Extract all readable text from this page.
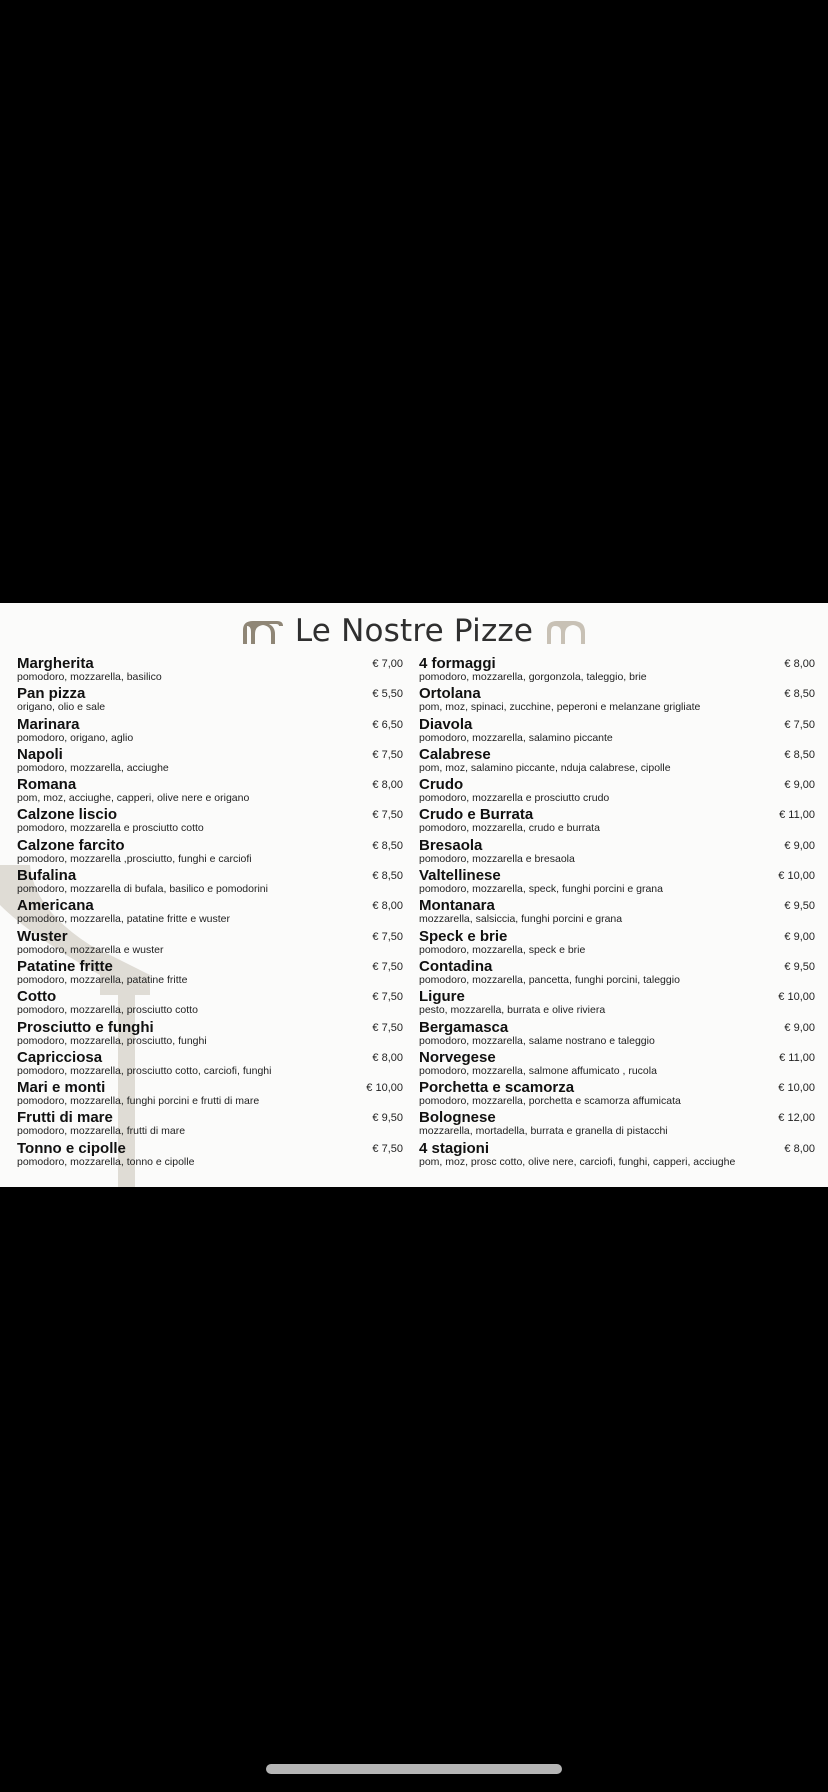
Le Nostre Pizze
Margherita	€ 7,00
pomodoro, mozzarella, basilico
Pan pizza	€ 5,50
origano, olio e sale
Marinara	€ 6,50
pomodoro, origano, aglio
Napoli	€ 7,50
pomodoro, mozzarella, acciughe
Romana	€ 8,00
pom, moz, acciughe, capperi, olive nere e origano
Calzone liscio	€ 7,50
pomodoro, mozzarella e prosciutto cotto
Calzone farcito	€ 8,50
pomodoro, mozzarella ,prosciutto, funghi e carciofi
Bufalina	€ 8,50
pomodoro, mozzarella di bufala, basilico e pomodorini
Americana	€ 8,00
pomodoro, mozzarella, patatine fritte e wuster
Wuster	€ 7,50
pomodoro, mozzarella e wuster
Patatine fritte	€ 7,50
pomodoro, mozzarella, patatine fritte
Cotto	€ 7,50
pomodoro, mozzarella, prosciutto cotto
Prosciutto e funghi	€ 7,50
pomodoro, mozzarella, prosciutto, funghi
Capricciosa	€ 8,00
pomodoro, mozzarella, prosciutto cotto, carciofi, funghi
Mari e monti	€ 10,00
pomodoro, mozzarella, funghi porcini e frutti di mare
Frutti di mare	€ 9,50
pomodoro, mozzarella, frutti di mare
Tonno e cipolle	€ 7,50
pomodoro, mozzarella, tonno e cipolle
4 formaggi	€ 8,00
pomodoro, mozzarella, gorgonzola, taleggio, brie
Ortolana	€ 8,50
pom, moz, spinaci, zucchine, peperoni e melanzane grigliate
Diavola	€ 7,50
pomodoro, mozzarella, salamino piccante
Calabrese	€ 8,50
pom, moz, salamino piccante, nduja calabrese, cipolle
Crudo	€ 9,00
pomodoro, mozzarella e prosciutto crudo
Crudo e Burrata	€ 11,00
pomodoro, mozzarella, crudo e burrata
Bresaola	€ 9,00
pomodoro, mozzarella e bresaola
Valtellinese	€ 10,00
pomodoro, mozzarella, speck, funghi porcini e grana
Montanara	€ 9,50
mozzarella, salsiccia, funghi porcini e grana
Speck e brie	€ 9,00
pomodoro, mozzarella, speck e brie
Contadina	€ 9,50
pomodoro, mozzarella, pancetta, funghi porcini, taleggio
Ligure	€ 10,00
pesto, mozzarella, burrata e olive riviera
Bergamasca	€ 9,00
pomodoro, mozzarella, salame nostrano e taleggio
Norvegese	€ 11,00
pomodoro, mozzarella, salmone affumicato , rucola
Porchetta e scamorza	€ 10,00
pomodoro, mozzarella, porchetta e scamorza affumicata
Bolognese	€ 12,00
mozzarella, mortadella, burrata e granella di pistacchi
4 stagioni	€ 8,00
pom, moz, prosc cotto, olive nere, carciofi, funghi, capperi, acciughe
